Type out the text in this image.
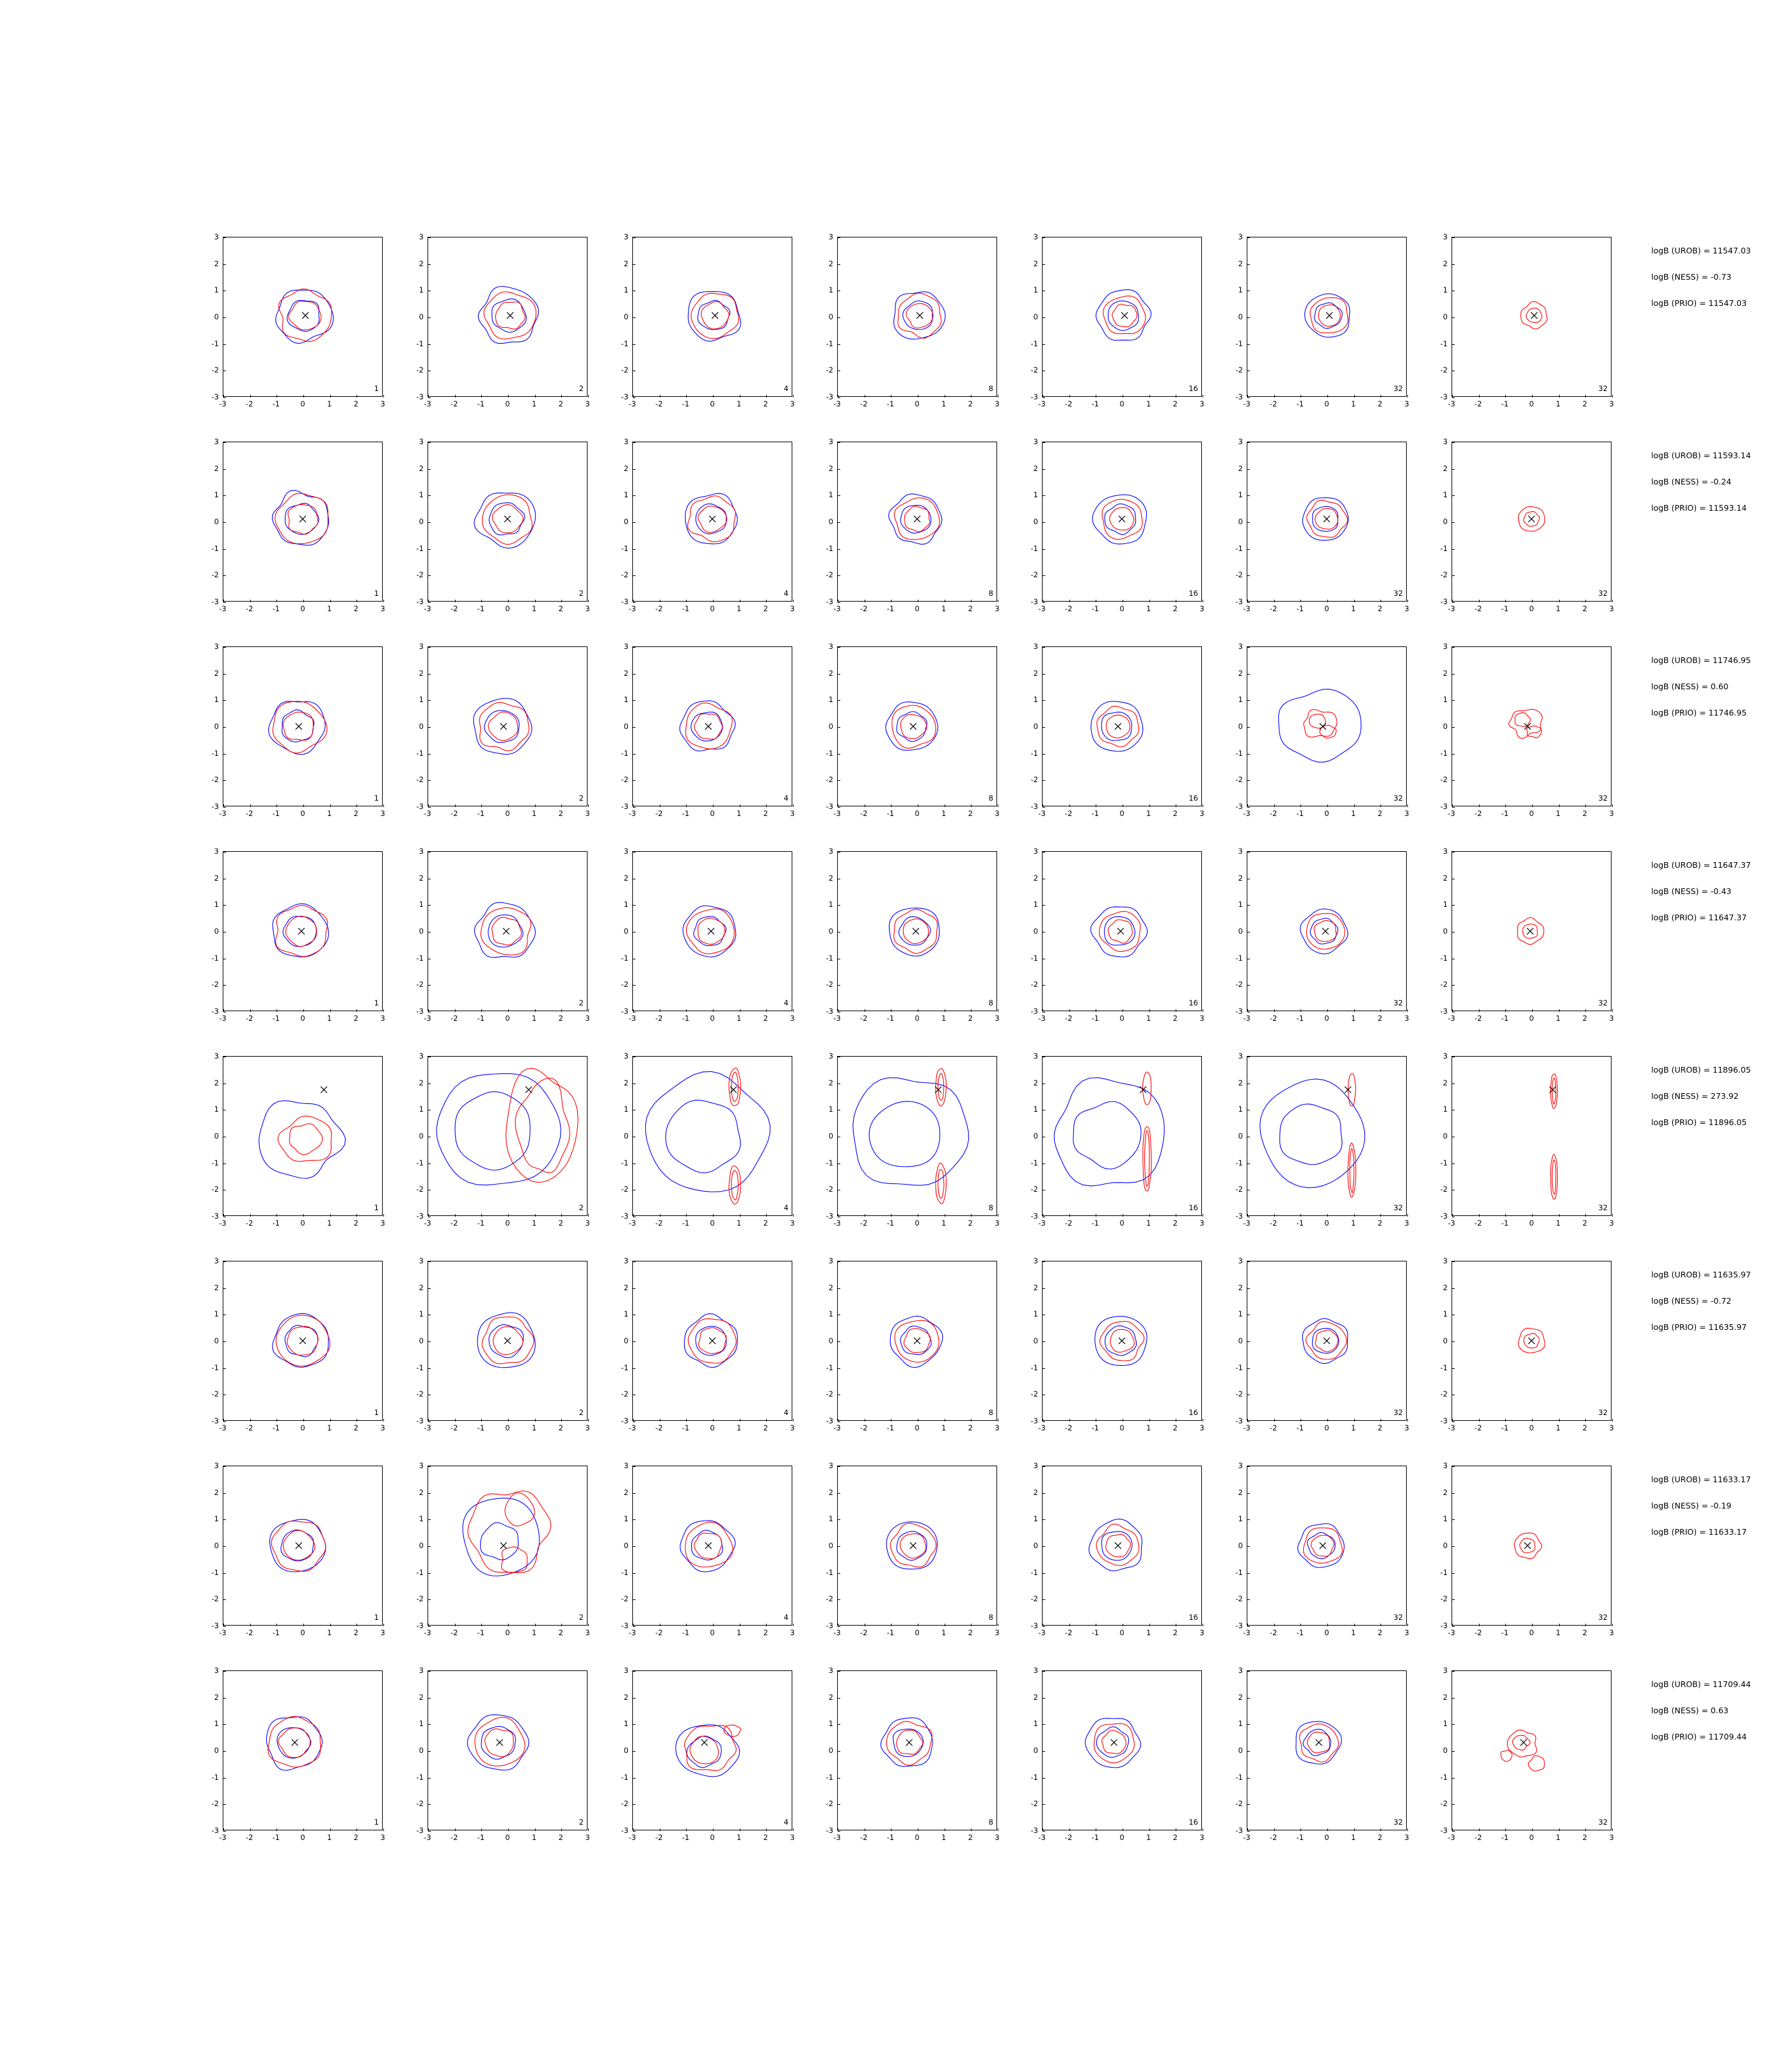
-3	-2	-1	0	1	2	3
3
2
1
0
-1
-2
-3
1
-3	-2	-1	0	1	2	3
3
2
1
0
-1
-2
-3
2
-3	-2	-1	0	1	2	3
3
2
1
0
-1
-2
-3
4
-3	-2	-1	0	1	2	3
3
2
1
0
-1
-2
-3
8
-3	-2	-1	0	1	2	3
3
2
1
0
-1
-2
-3
16
-3	-2	-1	0	1	2	3
3
2
1
0
-1
-2
-3
32
-3	-2	-1	0	1	2	3
3
2
1
0
-1
-2
-3
32
-3	-2	-1	0	1	2	3
3
2
1
0
-1
-2
-3
1
-3	-2	-1	0	1	2	3
3
2
1
0
-1
-2
-3
2
-3	-2	-1	0	1	2	3
3
2
1
0
-1
-2
-3
4
-3	-2	-1	0	1	2	3
3
2
1
0
-1
-2
-3
8
-3	-2	-1	0	1	2	3
3
2
1
0
-1
-2
-3
16
-3	-2	-1	0	1	2	3
3
2
1
0
-1
-2
-3
32
-3	-2	-1	0	1	2	3
3
2
1
0
-1
-2
-3
32
-3	-2	-1	0	1	2	3
3
2
1
0
-1
-2
-3
1
-3	-2	-1	0	1	2	3
3
2
1
0
-1
-2
-3
2
-3	-2	-1	0	1	2	3
3
2
1
0
-1
-2
-3
4
-3	-2	-1	0	1	2	3
3
2
1
0
-1
-2
-3
8
-3	-2	-1	0	1	2	3
3
2
1
0
-1
-2
-3
16
-3	-2	-1	0	1	2	3
3
2
1
0
-1
-2
-3
32
-3	-2	-1	0	1	2	3
3
2
1
0
-1
-2
-3
32
-3	-2	-1	0	1	2	3
3
2
1
0
-1
-2
-3
1
-3	-2	-1	0	1	2	3
3
2
1
0
-1
-2
-3
2
-3	-2	-1	0	1	2	3
3
2
1
0
-1
-2
-3
4
-3	-2	-1	0	1	2	3
3
2
1
0
-1
-2
-3
8
-3	-2	-1	0	1	2	3
3
2
1
0
-1
-2
-3
16
-3	-2	-1	0	1	2	3
3
2
1
0
-1
-2
-3
32
-3	-2	-1	0	1	2	3
3
2
1
0
-1
-2
-3
32
-3	-2	-1	0	1	2	3
3
2
1
0
-1
-2
-3
1
-3	-2	-1	0	1	2	3
3
2
1
0
-1
-2
-3
2
-3	-2	-1	0	1	2	3
3
2
1
0
-1
-2
-3
4
-3	-2	-1	0	1	2	3
3
2
1
0
-1
-2
-3
8
-3	-2	-1	0	1	2	3
3
2
1
0
-1
-2
-3
16
-3	-2	-1	0	1	2	3
3
2
1
0
-1
-2
-3
32
-3	-2	-1	0	1	2	3
3
2
1
0
-1
-2
-3
32
-3	-2	-1	0	1	2	3
3
2
1
0
-1
-2
-3
1
-3	-2	-1	0	1	2	3
3
2
1
0
-1
-2
-3
2
-3	-2	-1	0	1	2	3
3
2
1
0
-1
-2
-3
4
-3	-2	-1	0	1	2	3
3
2
1
0
-1
-2
-3
8
-3	-2	-1	0	1	2	3
3
2
1
0
-1
-2
-3
16
-3	-2	-1	0	1	2	3
3
2
1
0
-1
-2
-3
32
-3	-2	-1	0	1	2	3
3
2
1
0
-1
-2
-3
32
-3	-2	-1	0	1	2	3
3
2
1
0
-1
-2
-3
1
-3	-2	-1	0	1	2	3
3
2
1
0
-1
-2
-3
2
-3	-2	-1	0	1	2	3
3
2
1
0
-1
-2
-3
4
-3	-2	-1	0	1	2	3
3
2
1
0
-1
-2
-3
8
-3	-2	-1	0	1	2	3
3
2
1
0
-1
-2
-3
16
-3	-2	-1	0	1	2	3
3
2
1
0
-1
-2
-3
32
-3	-2	-1	0	1	2	3
3
2
1
0
-1
-2
-3
32
-3	-2	-1	0	1	2	3
3
2
1
0
-1
-2
-3
1
-3	-2	-1	0	1	2	3
3
2
1
0
-1
-2
-3
2
-3	-2	-1	0	1	2	3
3
2
1
0
-1
-2
-3
4
-3	-2	-1	0	1	2	3
3
2
1
0
-1
-2
-3
8
-3	-2	-1	0	1	2	3
3
2
1
0
-1
-2
-3
16
-3	-2	-1	0	1	2	3
3
2
1
0
-1
-2
-3
32
-3	-2	-1	0	1	2	3
3
2
1
0
-1
-2
-3
32
logB (UROB) = 11547.03
logB (NESS) = -0.73
logB (PRIO) = 11547.03
logB (UROB) = 11593.14
logB (NESS) = -0.24
logB (PRIO) = 11593.14
logB (UROB) = 11746.95
logB (NESS) = 0.60
logB (PRIO) = 11746.95
logB (UROB) = 11647.37
logB (NESS) = -0.43
logB (PRIO) = 11647.37
logB (UROB) = 11896.05
logB (NESS) = 273.92
logB (PRIO) = 11896.05
logB (UROB) = 11635.97
logB (NESS) = -0.72
logB (PRIO) = 11635.97
logB (UROB) = 11633.17
logB (NESS) = -0.19
logB (PRIO) = 11633.17
logB (UROB) = 11709.44
logB (NESS) = 0.63
logB (PRIO) = 11709.44
